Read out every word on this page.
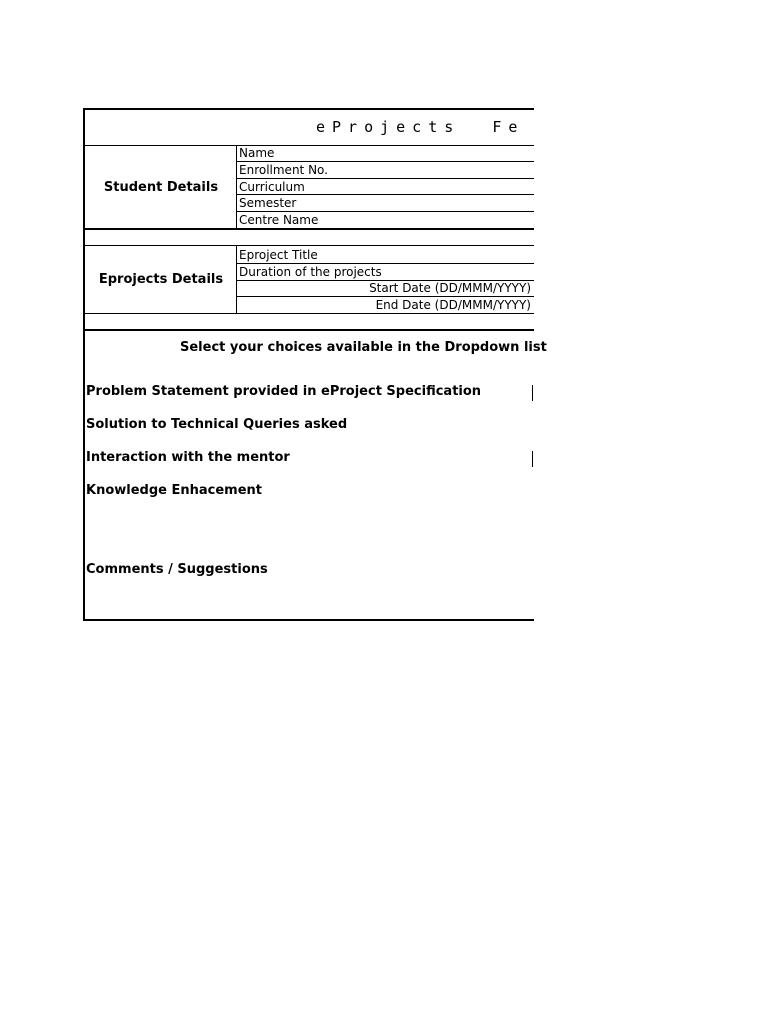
eProjects  Fe
Student Details
Name
Enrollment No.
Curriculum
Semester
Centre Name
Eprojects Details
Eproject Title
Duration of the projects
Start Date (DD/MMM/YYYY)
End Date (DD/MMM/YYYY)
Select your choices available in the Dropdown list
Problem Statement provided in eProject Specification
Solution to Technical Queries asked
Interaction with the mentor
Knowledge Enhacement
Comments / Suggestions
